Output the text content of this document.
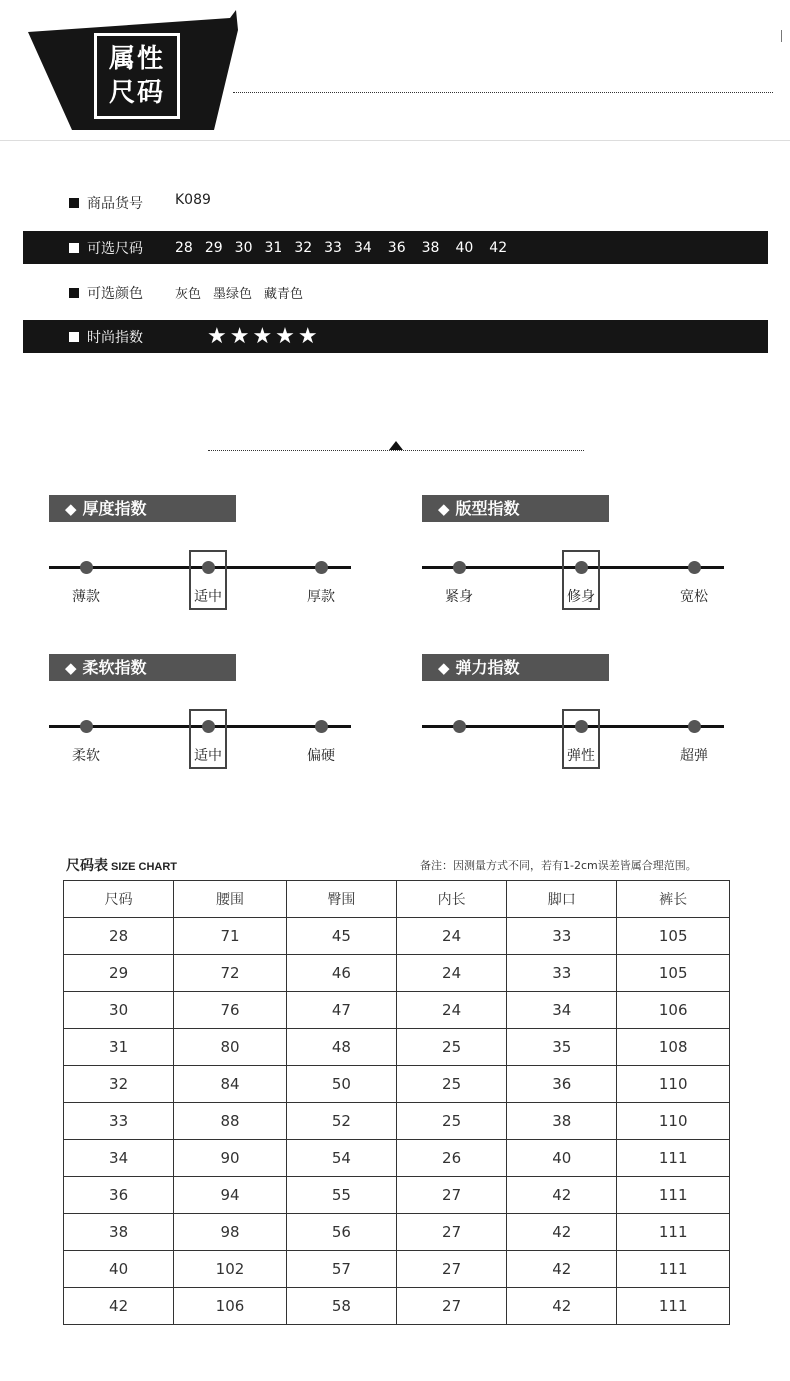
属性
尺码
商品货号	K089
可选尺码	28 29 30 31 32 33 34 36 38 40 42
可选颜色	灰色 墨绿色 藏青色
时尚指数	★★★★★
◆ 厚度指数
薄款	适中	厚款
◆ 版型指数
紧身	修身	宽松
◆ 柔软指数
柔软	适中	偏硬
◆ 弹力指数
弹性	超弹
尺码表 SIZE CHART	备注：因测量方式不同，若有1-2cm误差皆属合理范围。
尺码	腰围	臀围	内长	脚口	裤长
28	71	45	24	33	105
29	72	46	24	33	105
30	76	47	24	34	106
31	80	48	25	35	108
32	84	50	25	36	110
33	88	52	25	38	110
34	90	54	26	40	111
36	94	55	27	42	111
38	98	56	27	42	111
40	102	57	27	42	111
42	106	58	27	42	111
